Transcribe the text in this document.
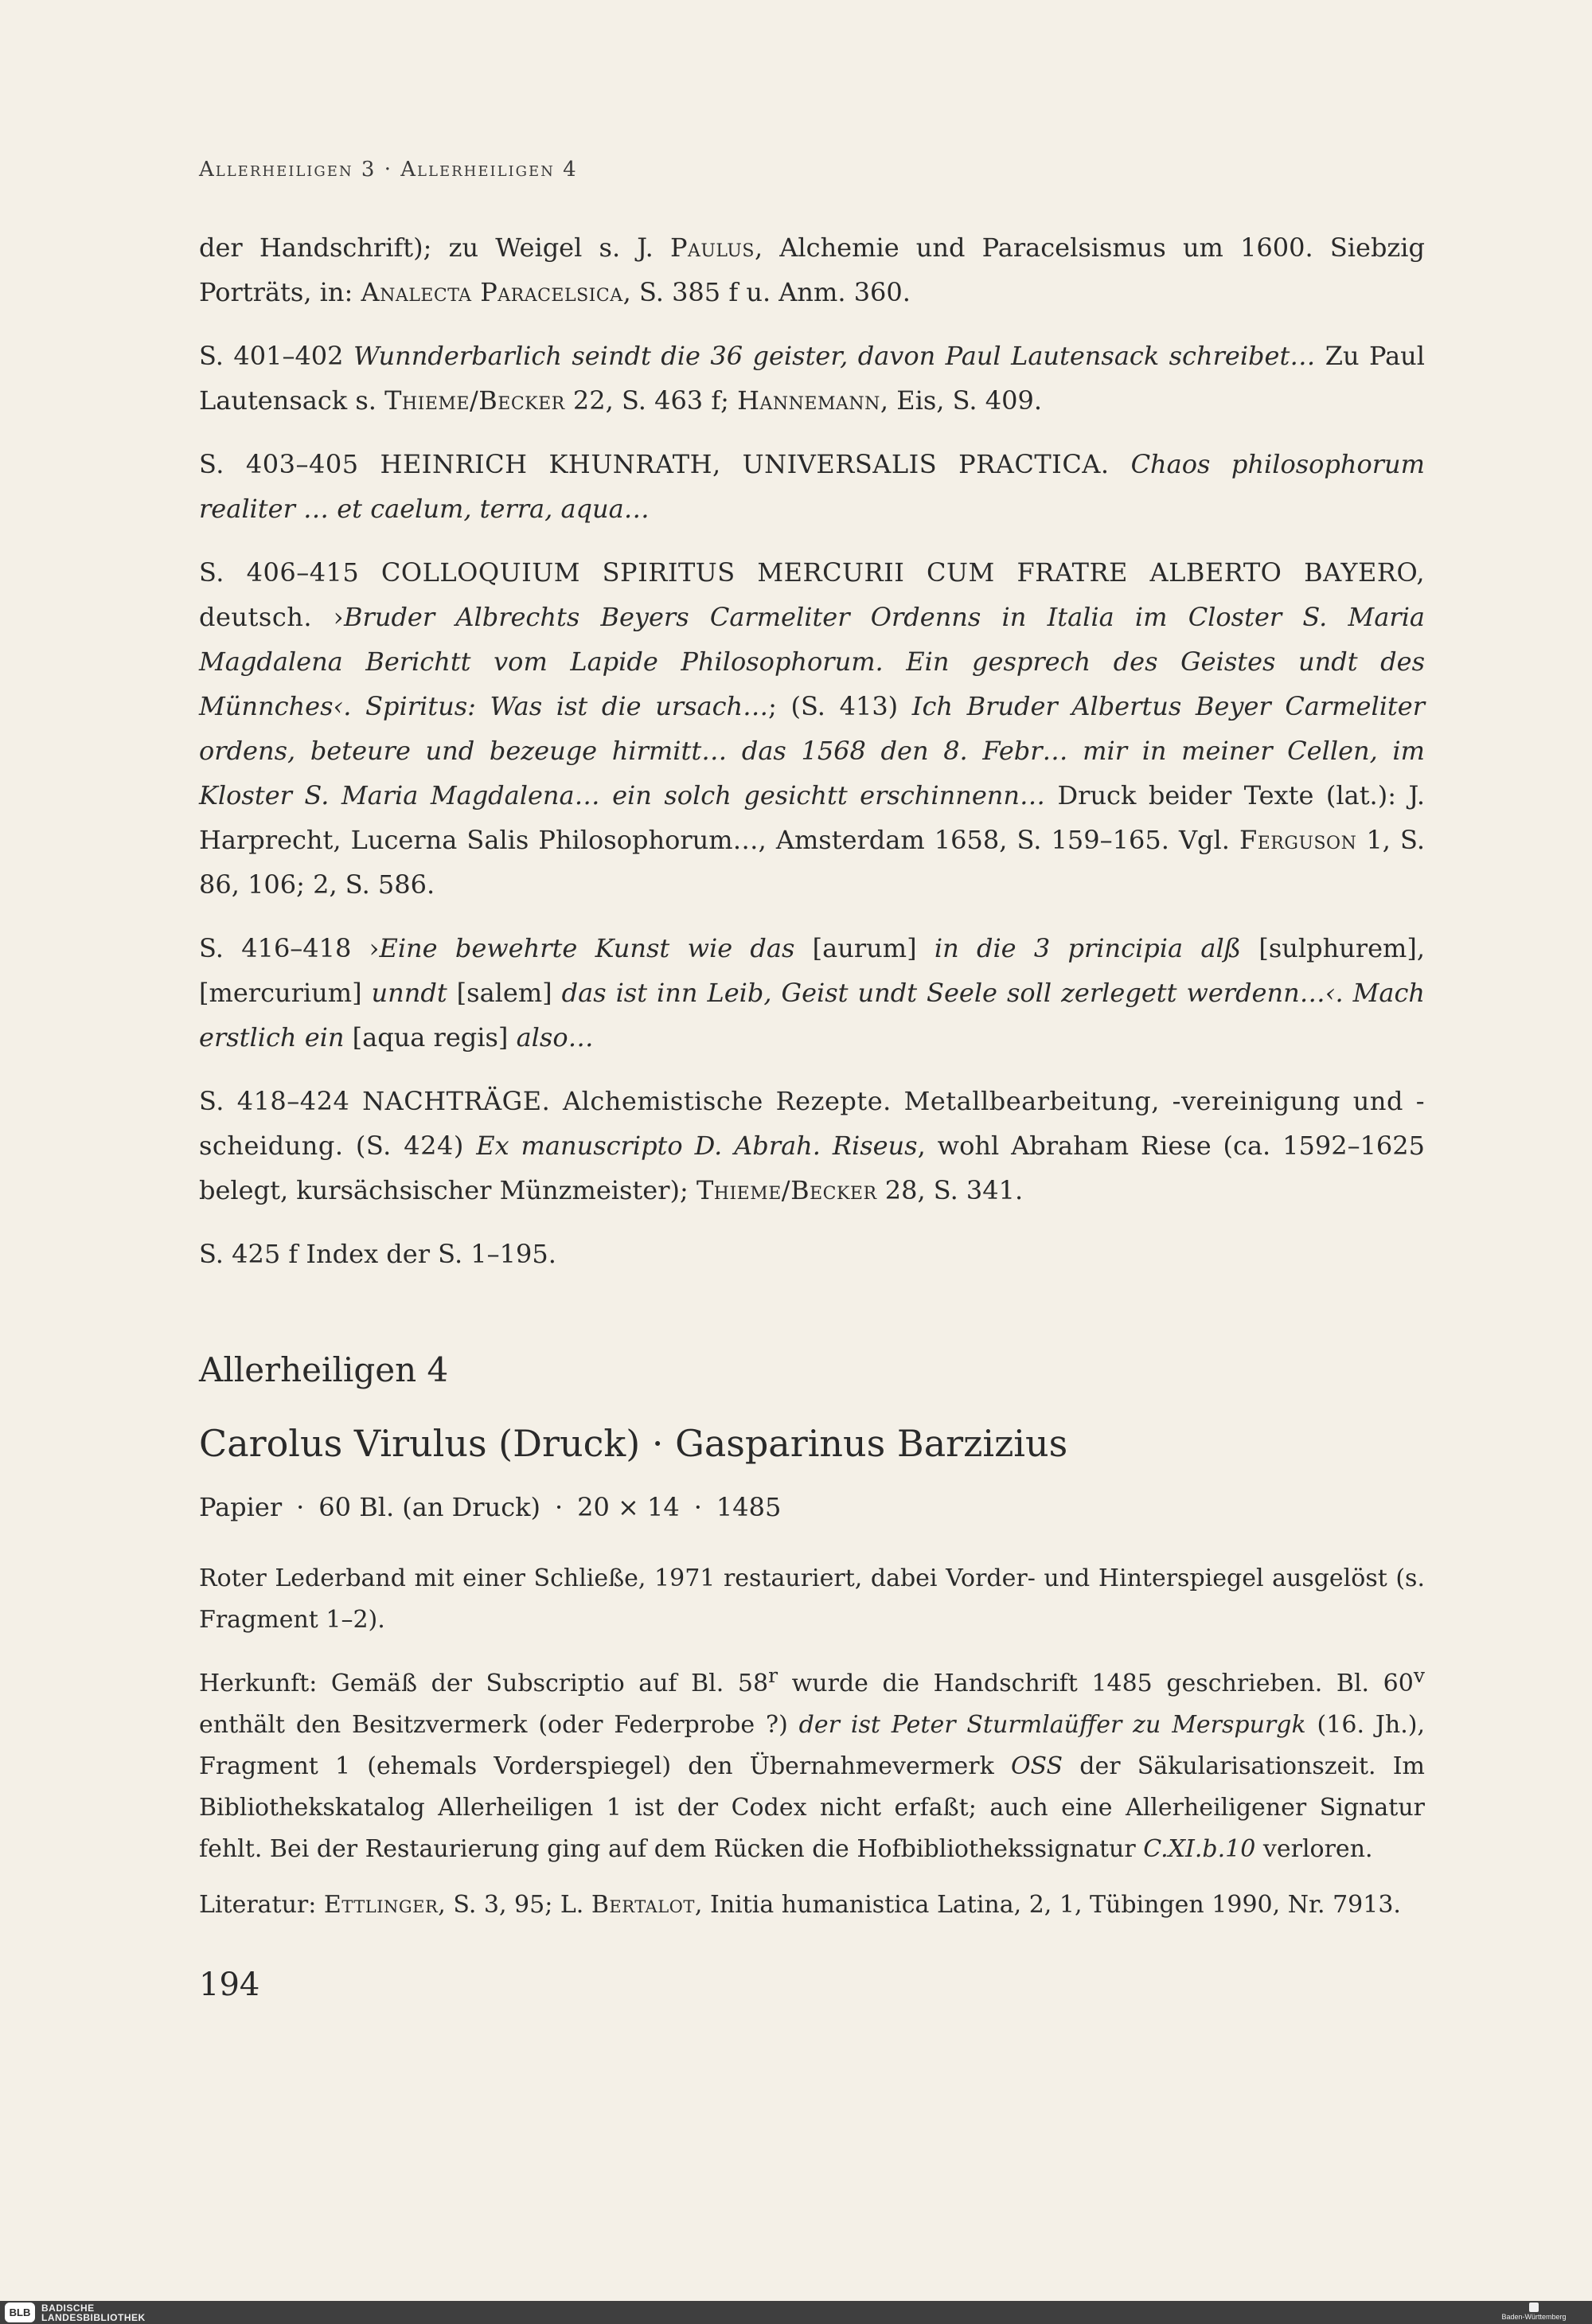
Allerheiligen 3 · Allerheiligen 4

der Handschrift); zu Weigel s. J. Paulus, Alchemie und Paracelsismus um 1600. Siebzig Porträts, in: Analecta Paracelsica, S. 385 f u. Anm. 360.

S. 401–402 Wunnderbarlich seindt die 36 geister, davon Paul Lautensack schreibet… Zu Paul Lautensack s. Thieme/Becker 22, S. 463 f; Hannemann, Eis, S. 409.

S. 403–405 HEINRICH KHUNRATH, UNIVERSALIS PRACTICA. Chaos philosophorum realiter … et caelum, terra, aqua…

S. 406–415 COLLOQUIUM SPIRITUS MERCURII CUM FRATRE ALBERTO BAYERO, deutsch. ›Bruder Albrechts Beyers Carmeliter Ordenns in Italia im Closter S. Maria Magdalena Berichtt vom Lapide Philosophorum. Ein gesprech des Geistes undt des Münnches‹. Spiritus: Was ist die ursach…; (S. 413) Ich Bruder Albertus Beyer Carmeliter ordens, beteure und bezeuge hirmitt… das 1568 den 8. Febr… mir in meiner Cellen, im Kloster S. Maria Magdalena… ein solch gesichtt erschinnenn… Druck beider Texte (lat.): J. Harprecht, Lucerna Salis Philosophorum…, Amsterdam 1658, S. 159–165. Vgl. Ferguson 1, S. 86, 106; 2, S. 586.

S. 416–418 ›Eine bewehrte Kunst wie das [aurum] in die 3 principia alß [sulphurem], [mercurium] unndt [salem] das ist inn Leib, Geist undt Seele soll zerlegett werdenn…‹. Mach erstlich ein [aqua regis] also…

S. 418–424 NACHTRÄGE. Alchemistische Rezepte. Metallbearbeitung, -vereinigung und -scheidung. (S. 424) Ex manuscripto D. Abrah. Riseus, wohl Abraham Riese (ca. 1592–1625 belegt, kursächsischer Münzmeister); Thieme/Becker 28, S. 341.

S. 425 f Index der S. 1–195.

Allerheiligen 4
Carolus Virulus (Druck) · Gasparinus Barzizius
Papier · 60 Bl. (an Druck) · 20 × 14 · 1485

Roter Lederband mit einer Schließe, 1971 restauriert, dabei Vorder- und Hinterspiegel ausgelöst (s. Fragment 1–2).

Herkunft: Gemäß der Subscriptio auf Bl. 58$^r$ wurde die Handschrift 1485 geschrieben. Bl. 60$^v$ enthält den Besitzvermerk (oder Federprobe ?) der ist Peter Sturmlaüffer zu Merspurgk (16. Jh.), Fragment 1 (ehemals Vorderspiegel) den Übernahmevermerk OSS der Säkularisationszeit. Im Bibliothekskatalog Allerheiligen 1 ist der Codex nicht erfaßt; auch eine Allerheiligener Signatur fehlt. Bei der Restaurierung ging auf dem Rücken die Hofbibliothekssignatur C.XI.b.10 verloren.

Literatur: Ettlinger, S. 3, 95; L. Bertalot, Initia humanistica Latina, 2, 1, Tübingen 1990, Nr. 7913.

194
BLB	BADISCHE
LANDESBIBLIOTHEK	Baden-Württemberg
